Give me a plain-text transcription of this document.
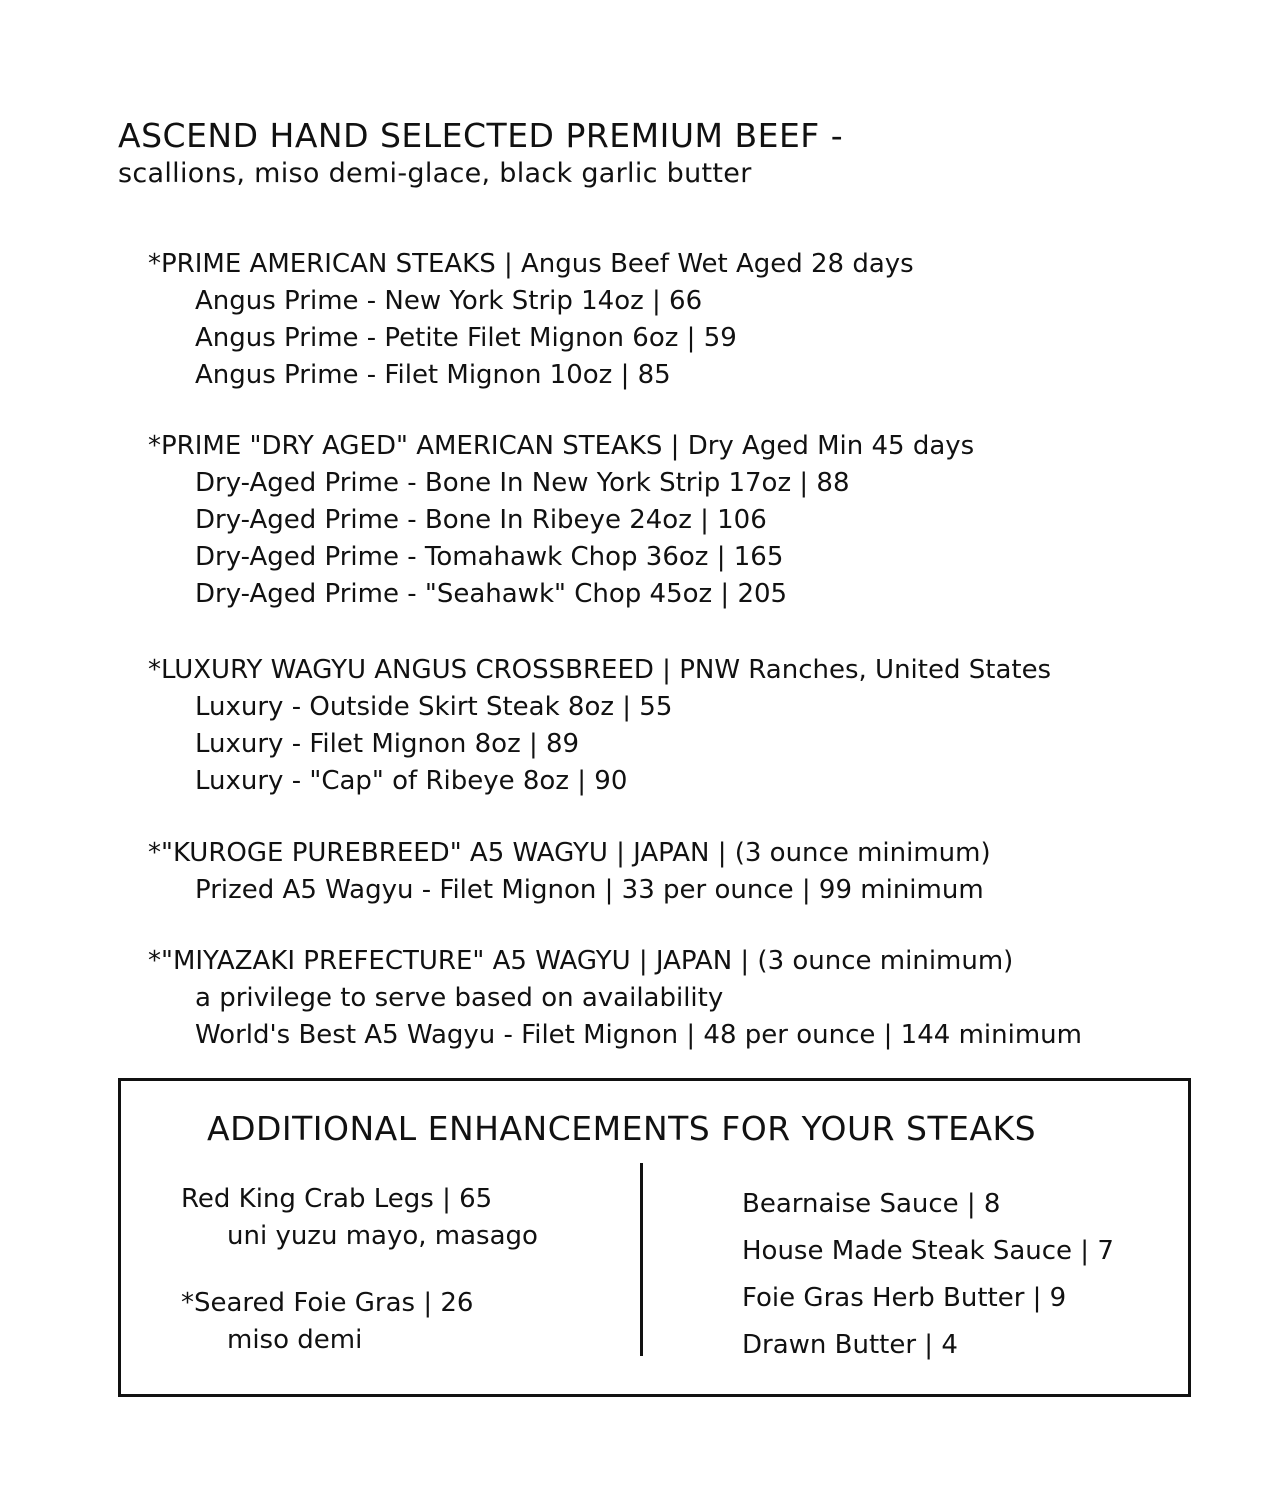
ASCEND HAND SELECTED PREMIUM BEEF -
scallions, miso demi-glace, black garlic butter
*PRIME AMERICAN STEAKS | Angus Beef Wet Aged 28 days
Angus Prime - New York Strip 14oz | 66
Angus Prime - Petite Filet Mignon 6oz | 59
Angus Prime - Filet Mignon 10oz | 85
*PRIME "DRY AGED" AMERICAN STEAKS | Dry Aged Min 45 days
Dry-Aged Prime - Bone In New York Strip 17oz | 88
Dry-Aged Prime - Bone In Ribeye 24oz | 106
Dry-Aged Prime - Tomahawk Chop 36oz | 165
Dry-Aged Prime - "Seahawk" Chop 45oz | 205
*LUXURY WAGYU ANGUS CROSSBREED | PNW Ranches, United States
Luxury - Outside Skirt Steak 8oz | 55
Luxury - Filet Mignon 8oz | 89
Luxury - "Cap" of Ribeye 8oz | 90
*"KUROGE PUREBREED" A5 WAGYU | JAPAN | (3 ounce minimum)
Prized A5 Wagyu - Filet Mignon | 33 per ounce | 99 minimum
*"MIYAZAKI PREFECTURE" A5 WAGYU | JAPAN | (3 ounce minimum)
a privilege to serve based on availability
World's Best A5 Wagyu - Filet Mignon | 48 per ounce | 144 minimum
ADDITIONAL ENHANCEMENTS FOR YOUR STEAKS
Red King Crab Legs | 65
uni yuzu mayo, masago
*Seared Foie Gras | 26
miso demi
Bearnaise Sauce | 8
House Made Steak Sauce | 7
Foie Gras Herb Butter | 9
Drawn Butter | 4
